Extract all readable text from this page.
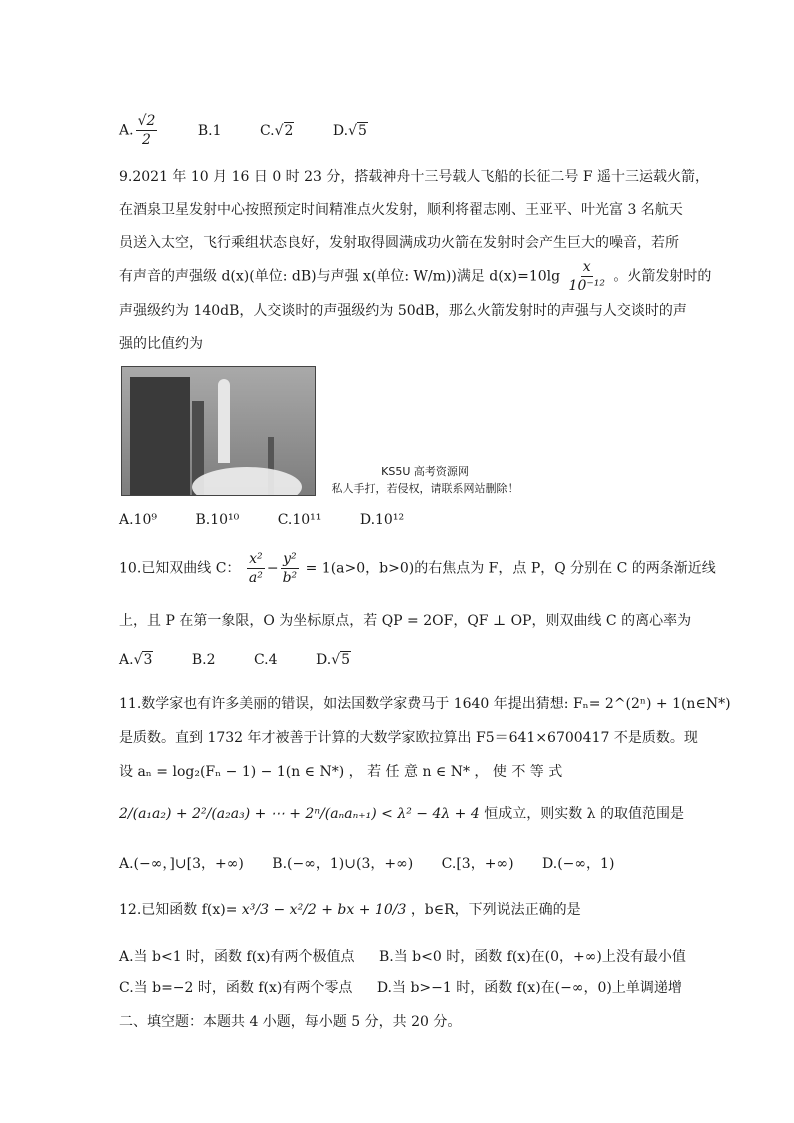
A. $\frac{√2}{2}$	B.1	C.√2	D.√5
9.2021 年 10 月 16 日 0 时 23 分，搭载神舟十三号载人飞船的长征二号 F 遥十三运载火箭，
在酒泉卫星发射中心按照预定时间精准点火发射，顺利将翟志刚、王亚平、叶光富 3 名航天
员送入太空，飞行乘组状态良好，发射取得圆满成功火箭在发射时会产生巨大的噪音，若所
有声音的声强级 d(x)(单位: dB)与声强 x(单位: W/m))满足 $d(x)=10\lg \frac{x}{\text{10⁻¹²}}$ 。火箭发射时的
声强级约为 140dB，人交谈时的声强级约为 50dB，那么火箭发射时的声强与人交谈时的声
强的比值约为
KS5U 高考资源网
私人手打，若侵权，请联系网站删除！
A.10⁹	B.10¹⁰	C.10¹¹	D.10¹²
10.已知双曲线 C： $\frac{\text{x²}}{\text{a²}} - \frac{\text{y²}}{\text{b²}} = 1(a>0$，b>0)的右焦点为 F，点 P，Q 分别在 C 的两条渐近线
上，且 P 在第一象限，O 为坐标原点，若 QP = 2OF，QF ⊥ OP，则双曲线 C 的离心率为
A.√3	B.2	C.4	D.√5
11.数学家也有许多美丽的错误，如法国数学家费马于 1640 年提出猜想: Fₙ= 2^(2ⁿ) + 1(n∈N*)
是质数。直到 1732 年才被善于计算的大数学家欧拉算出 F5＝641×6700417 不是质数。现
设 aₙ = log₂(Fₙ − 1) − 1(n ∈ N*) ， 若 任 意 n ∈ N* ， 使 不 等 式
2/(a₁a₂) + 2²/(a₂a₃) + ⋯ + 2ⁿ/(aₙaₙ₊₁) < λ² − 4λ + 4 恒成立，则实数 λ 的取值范围是
A.(−∞，]∪[3，+∞) B.(−∞，1)∪(3，+∞) C.[3，+∞) D.(−∞，1)
12.已知函数 f(x)= x³/3 − x²/2 + bx + 10/3 ，b∈R，下列说法正确的是
A.当 b<1 时，函数 f(x)有两个极值点 B.当 b<0 时，函数 f(x)在(0，+∞)上没有最小值
C.当 b=−2 时，函数 f(x)有两个零点 D.当 b>−1 时，函数 f(x)在(−∞，0)上单调递增
二、填空题：本题共 4 小题，每小题 5 分，共 20 分。
